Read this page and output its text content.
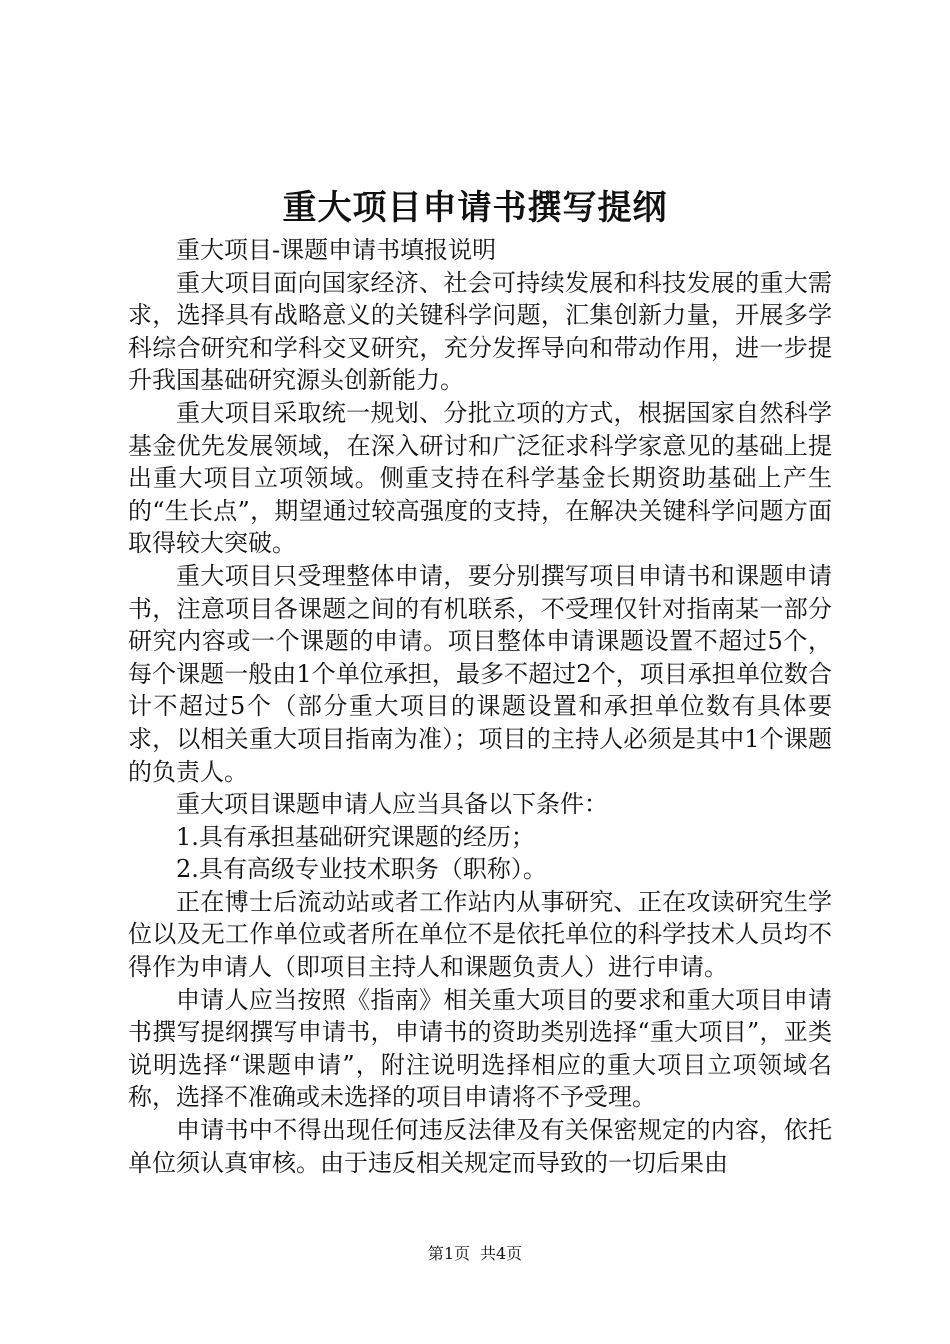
重大项目申请书撰写提纲

重大项目-课题申请书填报说明

重大项目面向国家经济、社会可持续发展和科技发展的重大需求，选择具有战略意义的关键科学问题，汇集创新力量，开展多学科综合研究和学科交叉研究，充分发挥导向和带动作用，进一步提升我国基础研究源头创新能力。

重大项目采取统一规划、分批立项的方式，根据国家自然科学基金优先发展领域，在深入研讨和广泛征求科学家意见的基础上提出重大项目立项领域。侧重支持在科学基金长期资助基础上产生的“生长点”，期望通过较高强度的支持，在解决关键科学问题方面取得较大突破。

重大项目只受理整体申请，要分别撰写项目申请书和课题申请书，注意项目各课题之间的有机联系，不受理仅针对指南某一部分研究内容或一个课题的申请。项目整体申请课题设置不超过5个，每个课题一般由1个单位承担，最多不超过2个，项目承担单位数合计不超过5个（部分重大项目的课题设置和承担单位数有具体要求，以相关重大项目指南为准）；项目的主持人必须是其中1个课题的负责人。

重大项目课题申请人应当具备以下条件：

1.具有承担基础研究课题的经历；

2.具有高级专业技术职务（职称）。

正在博士后流动站或者工作站内从事研究、正在攻读研究生学位以及无工作单位或者所在单位不是依托单位的科学技术人员均不得作为申请人（即项目主持人和课题负责人）进行申请。

申请人应当按照《指南》相关重大项目的要求和重大项目申请书撰写提纲撰写申请书，申请书的资助类别选择“重大项目”，亚类说明选择“课题申请”，附注说明选择相应的重大项目立项领域名称，选择不准确或未选择的项目申请将不予受理。

申请书中不得出现任何违反法律及有关保密规定的内容，依托单位须认真审核。由于违反相关规定而导致的一切后果由

第1页 共4页
